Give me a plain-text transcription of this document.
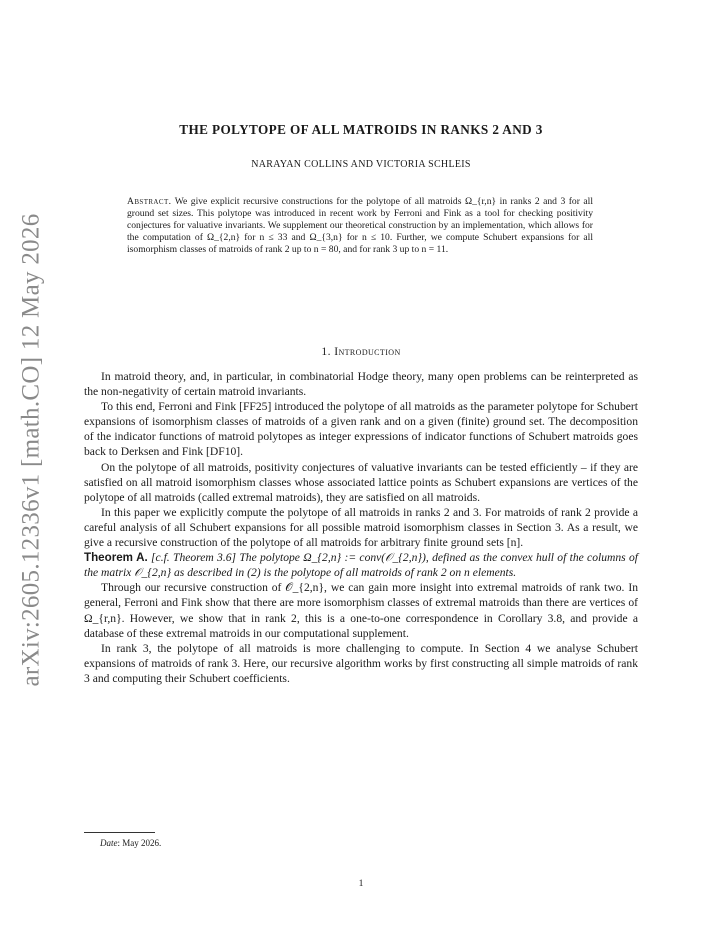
arXiv:2605.12336v1 [math.CO] 12 May 2026
THE POLYTOPE OF ALL MATROIDS IN RANKS 2 AND 3
NARAYAN COLLINS AND VICTORIA SCHLEIS
Abstract. We give explicit recursive constructions for the polytope of all matroids Ω_{r,n} in ranks 2 and 3 for all ground set sizes. This polytope was introduced in recent work by Ferroni and Fink as a tool for checking positivity conjectures for valuative invariants. We supplement our theoretical construction by an implementation, which allows for the computation of Ω_{2,n} for n ≤ 33 and Ω_{3,n} for n ≤ 10. Further, we compute Schubert expansions for all isomorphism classes of matroids of rank 2 up to n = 80, and for rank 3 up to n = 11.
1. Introduction

In matroid theory, and, in particular, in combinatorial Hodge theory, many open problems can be reinterpreted as the non-negativity of certain matroid invariants.

To this end, Ferroni and Fink [FF25] introduced the polytope of all matroids as the parameter polytope for Schubert expansions of isomorphism classes of matroids of a given rank and on a given (finite) ground set. The decomposition of the indicator functions of matroid polytopes as integer expressions of indicator functions of Schubert matroids goes back to Derksen and Fink [DF10].

On the polytope of all matroids, positivity conjectures of valuative invariants can be tested efficiently – if they are satisfied on all matroid isomorphism classes whose associated lattice points as Schubert expansions are vertices of the polytope of all matroids (called extremal matroids), they are satisfied on all matroids.

In this paper we explicitly compute the polytope of all matroids in ranks 2 and 3. For matroids of rank 2 provide a careful analysis of all Schubert expansions for all possible matroid isomorphism classes in Section 3. As a result, we give a recursive construction of the polytope of all matroids for arbitrary finite ground sets [n].

Theorem A. [c.f. Theorem 3.6] The polytope Ω_{2,n} := conv(𝒪_{2,n}), defined as the convex hull of the columns of the matrix 𝒪_{2,n} as described in (2) is the polytope of all matroids of rank 2 on n elements.

Through our recursive construction of 𝒪_{2,n}, we can gain more insight into extremal matroids of rank two. In general, Ferroni and Fink show that there are more isomorphism classes of extremal matroids than there are vertices of Ω_{r,n}. However, we show that in rank 2, this is a one-to-one correspondence in Corollary 3.8, and provide a database of these extremal matroids in our computational supplement.

In rank 3, the polytope of all matroids is more challenging to compute. In Section 4 we analyse Schubert expansions of matroids of rank 3. Here, our recursive algorithm works by first constructing all simple matroids of rank 3 and computing their Schubert coefficients.

Date: May 2026.
1
